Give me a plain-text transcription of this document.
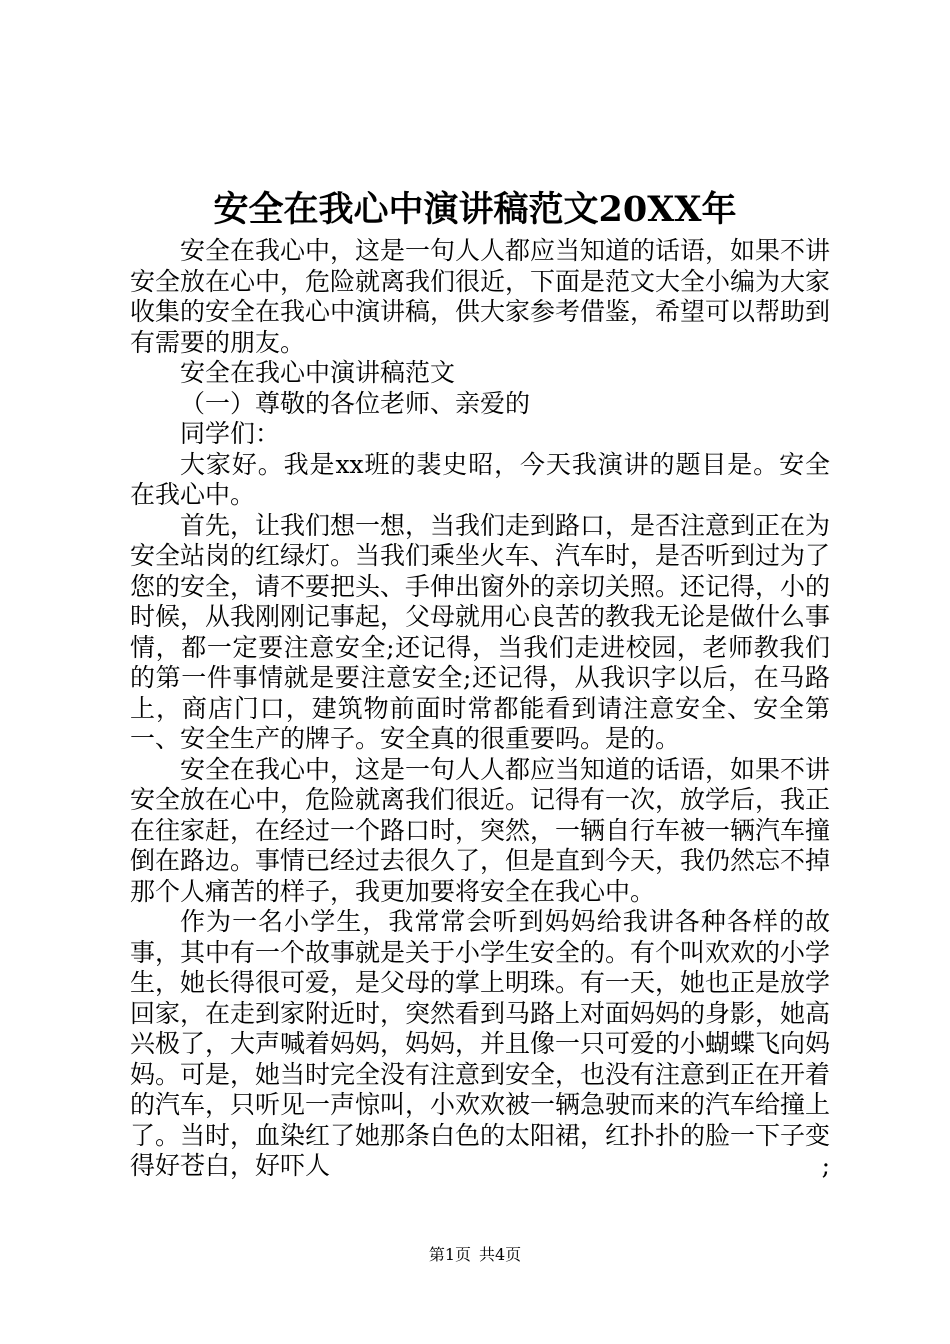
安全在我心中演讲稿范文20XX年

安全在我心中，这是一句人人都应当知道的话语，如果不讲安全放在心中，危险就离我们很近，下面是范文大全小编为大家收集的安全在我心中演讲稿，供大家参考借鉴，希望可以帮助到有需要的朋友。

安全在我心中演讲稿范文

（一）尊敬的各位老师、亲爱的

同学们：

大家好。我是xx班的裴史昭，今天我演讲的题目是。安全在我心中。

首先，让我们想一想，当我们走到路口，是否注意到正在为安全站岗的红绿灯。当我们乘坐火车、汽车时，是否听到过为了您的安全，请不要把头、手伸出窗外的亲切关照。还记得，小的时候，从我刚刚记事起，父母就用心良苦的教我无论是做什么事情，都一定要注意安全;还记得，当我们走进校园，老师教我们的第一件事情就是要注意安全;还记得，从我识字以后，在马路上，商店门口，建筑物前面时常都能看到请注意安全、安全第一、安全生产的牌子。安全真的很重要吗。是的。

安全在我心中，这是一句人人都应当知道的话语，如果不讲安全放在心中，危险就离我们很近。记得有一次，放学后，我正在往家赶，在经过一个路口时，突然，一辆自行车被一辆汽车撞倒在路边。事情已经过去很久了，但是直到今天，我仍然忘不掉那个人痛苦的样子，我更加要将安全在我心中。

作为一名小学生，我常常会听到妈妈给我讲各种各样的故事，其中有一个故事就是关于小学生安全的。有个叫欢欢的小学生，她长得很可爱，是父母的掌上明珠。有一天，她也正是放学回家，在走到家附近时，突然看到马路上对面妈妈的身影，她高兴极了，大声喊着妈妈，妈妈，并且像一只可爱的小蝴蝶飞向妈妈。可是，她当时完全没有注意到安全，也没有注意到正在开着的汽车，只听见一声惊叫，小欢欢被一辆急驶而来的汽车给撞上了。当时，血染红了她那条白色的太阳裙，红扑扑的脸一下子变得好苍白，好吓人	;

第1页 共4页
